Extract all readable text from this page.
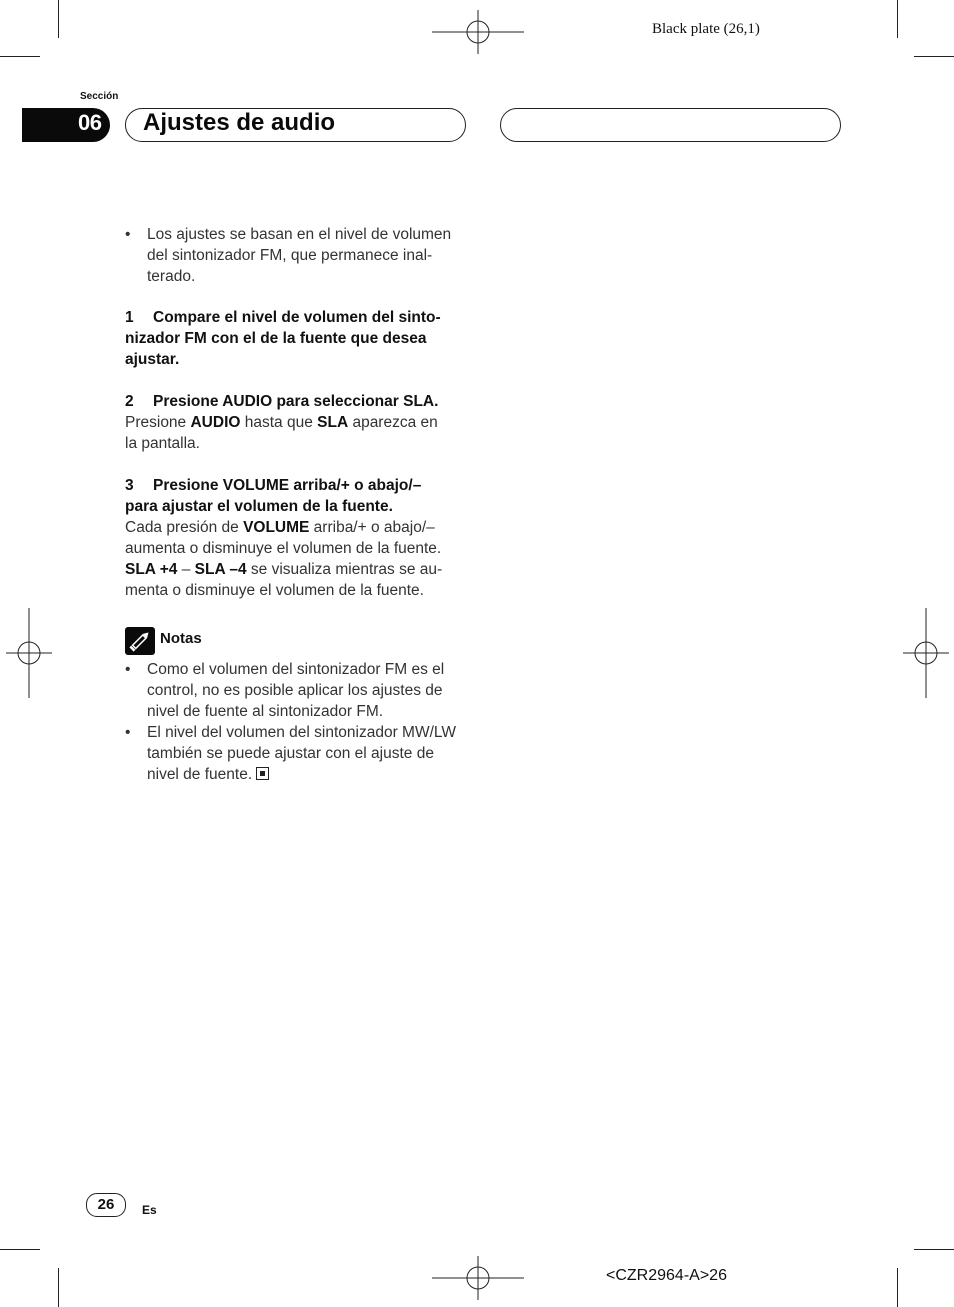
Black plate (26,1)
Sección
06 Ajustes de audio
•	Los ajustes se basan en el nivel de volumen
del sintonizador FM, que permanece inal-
terado.
1 Compare el nivel de volumen del sinto-
nizador FM con el de la fuente que desea
ajustar.
2 Presione AUDIO para seleccionar SLA.
Presione AUDIO hasta que SLA aparezca en
la pantalla.
3 Presione VOLUME arriba/+ o abajo/–
para ajustar el volumen de la fuente.
Cada presión de VOLUME arriba/+ o abajo/–
aumenta o disminuye el volumen de la fuente.
SLA +4 – SLA –4 se visualiza mientras se au-
menta o disminuye el volumen de la fuente.
Notas
•	Como el volumen del sintonizador FM es el
control, no es posible aplicar los ajustes de
nivel de fuente al sintonizador FM.
•	El nivel del volumen del sintonizador MW/LW
también se puede ajustar con el ajuste de
nivel de fuente.
26	Es
<CZR2964-A>26
